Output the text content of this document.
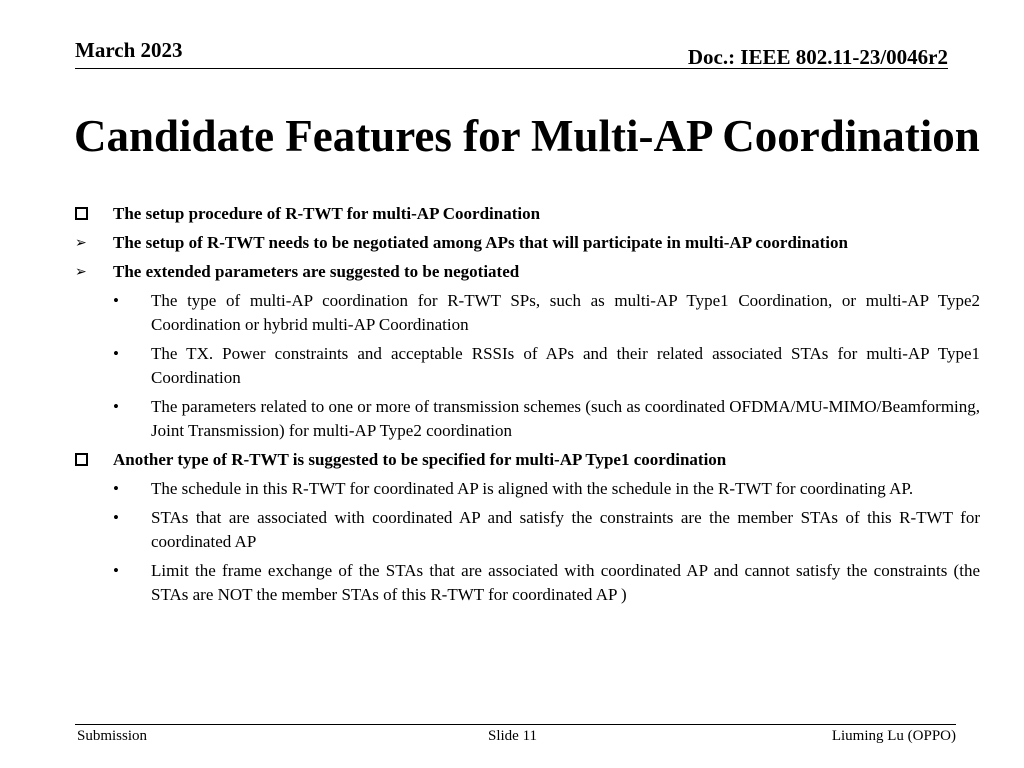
March 2023	Doc.: IEEE 802.11-23/0046r2
Candidate Features for Multi-AP Coordination
The setup procedure of R-TWT for multi-AP Coordination
➢ The setup of R-TWT needs to be negotiated among APs that will participate in multi-AP coordination
➢ The extended parameters are suggested to be negotiated
• The type of multi-AP coordination for R-TWT SPs, such as multi-AP Type1 Coordination, or multi-AP Type2 Coordination or hybrid multi-AP Coordination
• The TX. Power constraints and acceptable RSSIs of APs and their related associated STAs for multi-AP Type1 Coordination
• The parameters related to one or more of transmission schemes (such as coordinated OFDMA/MU-MIMO/Beamforming, Joint Transmission) for multi-AP Type2 coordination
Another type of R-TWT is suggested to be specified for multi-AP Type1 coordination
• The schedule in this R-TWT for coordinated AP is aligned with the schedule in the R-TWT for coordinating AP.
• STAs that are associated with coordinated AP and satisfy the constraints are the member STAs of this R-TWT for coordinated AP
• Limit the frame exchange of the STAs that are associated with coordinated AP and cannot satisfy the constraints (the STAs are NOT the member STAs of this R-TWT for coordinated AP )
Submission	Slide 11	Liuming Lu (OPPO)
